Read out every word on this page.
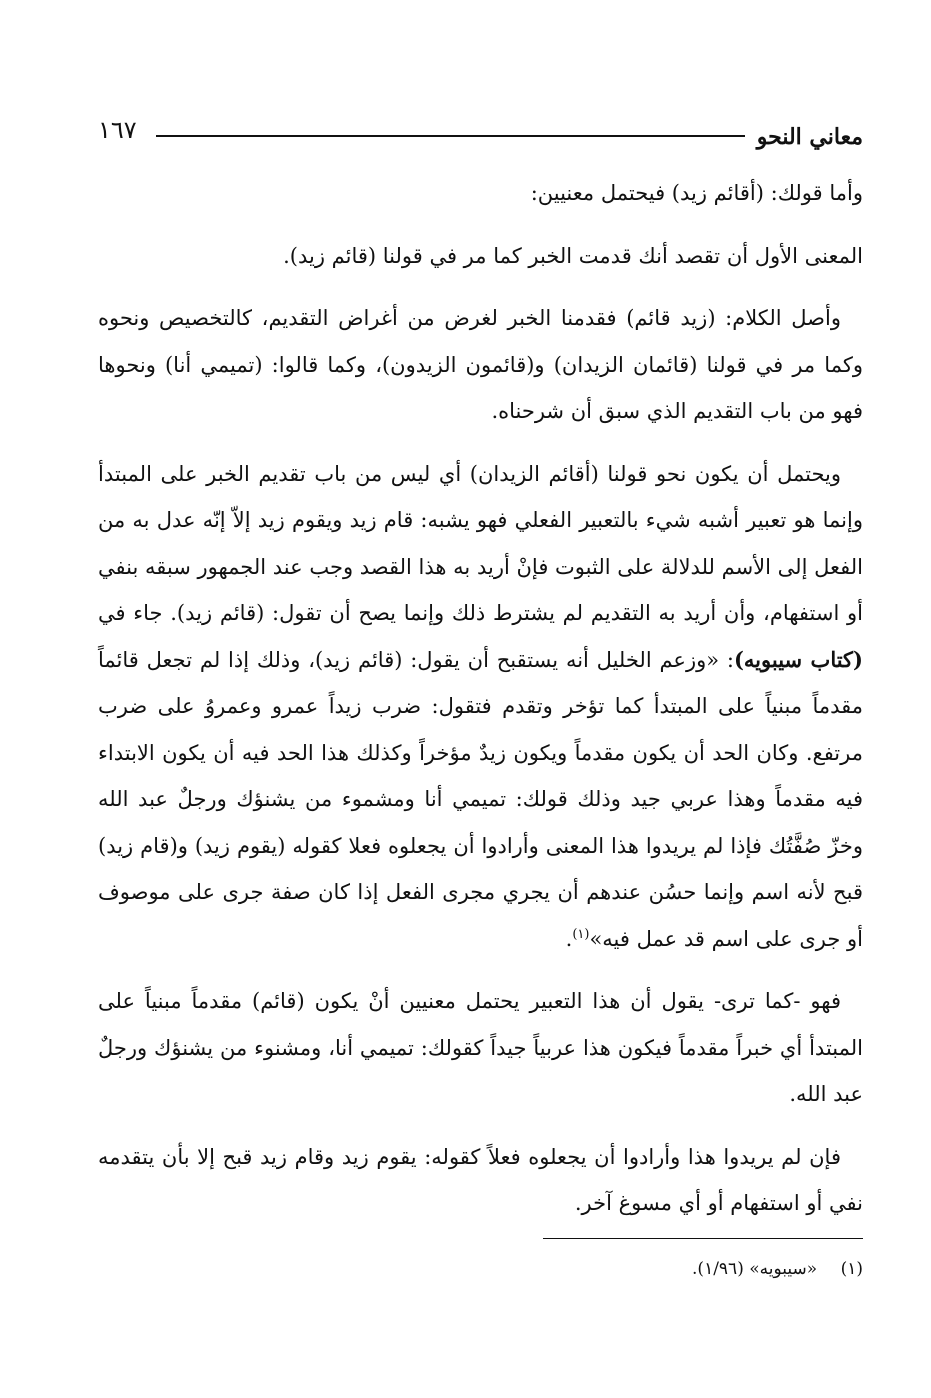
معاني النحو
١٦٧

وأما قولك: (أقائم زيد) فيحتمل معنيين:

المعنى الأول أن تقصد أنك قدمت الخبر كما مر في قولنا (قائم زيد).

وأصل الكلام: (زيد قائم) فقدمنا الخبر لغرض من أغراض التقديم، كالتخصيص ونحوه وكما مر في قولنا (قائمان الزيدان) و(قائمون الزيدون)، وكما قالوا: (تميمي أنا) ونحوها فهو من باب التقديم الذي سبق أن شرحناه.

ويحتمل أن يكون نحو قولنا (أقائم الزيدان) أي ليس من باب تقديم الخبر على المبتدأ وإنما هو تعبير أشبه شيء بالتعبير الفعلي فهو يشبه: قام زيد ويقوم زيد إلاّ إنّه عدل به من الفعل إلى الأسم للدلالة على الثبوت فإنْ أريد به هذا القصد وجب عند الجمهور سبقه بنفي أو استفهام، وأن أريد به التقديم لم يشترط ذلك وإنما يصح أن تقول: (قائم زيد). جاء في (كتاب سيبويه): «وزعم الخليل أنه يستقبح أن يقول: (قائم زيد)، وذلك إذا لم تجعل قائماً مقدماً مبنياً على المبتدأ كما تؤخر وتقدم فتقول: ضرب زيداً عمرو وعمروُ على ضرب مرتفع. وكان الحد أن يكون مقدماً ويكون زيدٌ مؤخراً وكذلك هذا الحد فيه أن يكون الابتداء فيه مقدماً وهذا عربي جيد وذلك قولك: تميمي أنا ومشموء من يشنؤك ورجلٌ عبد الله وخزّ صُفَّتُك فإذا لم يريدوا هذا المعنى وأرادوا أن يجعلوه فعلا كقوله (يقوم زيد) و(قام زيد) قبح لأنه اسم وإنما حسُن عندهم أن يجري مجرى الفعل إذا كان صفة جرى على موصوف أو جرى على اسم قد عمل فيه»$^{(١)}$.

فهو -كما ترى- يقول أن هذا التعبير يحتمل معنيين أنْ يكون (قائم) مقدماً مبنياً على المبتدأ أي خبراً مقدماً فيكون هذا عربياً جيداً كقولك: تميمي أنا، ومشنوء من يشنؤك ورجلٌ عبد الله.

فإن لم يريدوا هذا وأرادوا أن يجعلوه فعلاً كقوله: يقوم زيد وقام زيد قبح إلا بأن يتقدمه نفي أو استفهام أو أي مسوغ آخر.

(١) «سيبويه» (١/٩٦).
